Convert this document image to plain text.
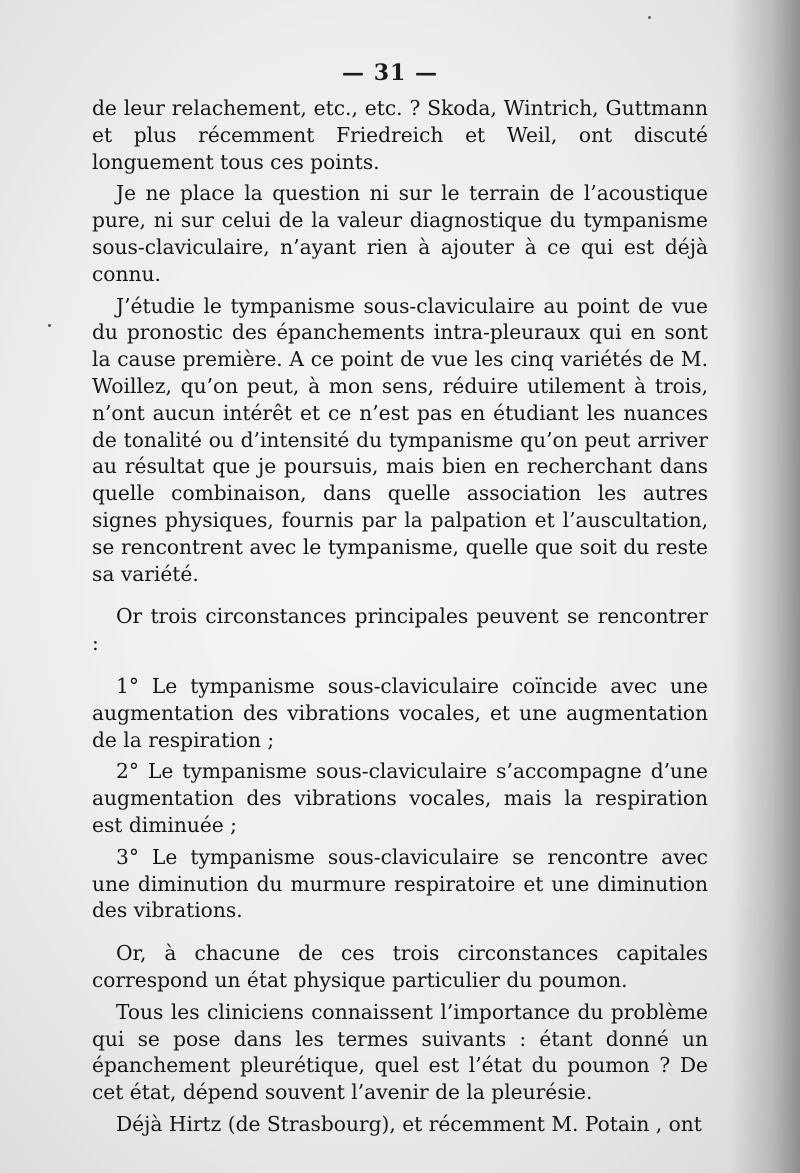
— 31 —

de leur relachement, etc., etc. ? Skoda, Wintrich, Guttmann et plus récemment Friedreich et Weil, ont discuté longuement tous ces points.

Je ne place la question ni sur le terrain de l’acoustique pure, ni sur celui de la valeur diagnostique du tympanisme sous-claviculaire, n’ayant rien à ajouter à ce qui est déjà connu.

J’étudie le tympanisme sous-claviculaire au point de vue du pronostic des épanchements intra-pleuraux qui en sont la cause première. A ce point de vue les cinq variétés de M. Woillez, qu’on peut, à mon sens, réduire utilement à trois, n’ont aucun intérêt et ce n’est pas en étudiant les nuances de tonalité ou d’intensité du tympanisme qu’on peut arriver au résultat que je poursuis, mais bien en recherchant dans quelle combinaison, dans quelle association les autres signes physiques, fournis par la palpation et l’auscultation, se rencontrent avec le tympanisme, quelle que soit du reste sa variété.

Or trois circonstances principales peuvent se rencontrer :

1° Le tympanisme sous-claviculaire coïncide avec une augmentation des vibrations vocales, et une augmentation de la respiration ;

2° Le tympanisme sous-claviculaire s’accompagne d’une augmentation des vibrations vocales, mais la respiration est diminuée ;

3° Le tympanisme sous-claviculaire se rencontre avec une diminution du murmure respiratoire et une diminution des vibrations.

Or, à chacune de ces trois circonstances capitales correspond un état physique particulier du poumon.

Tous les cliniciens connaissent l’importance du problème qui se pose dans les termes suivants : étant donné un épanchement pleurétique, quel est l’état du poumon ? De cet état, dépend souvent l’avenir de la pleurésie.

Déjà Hirtz (de Strasbourg), et récemment M. Potain , ont
